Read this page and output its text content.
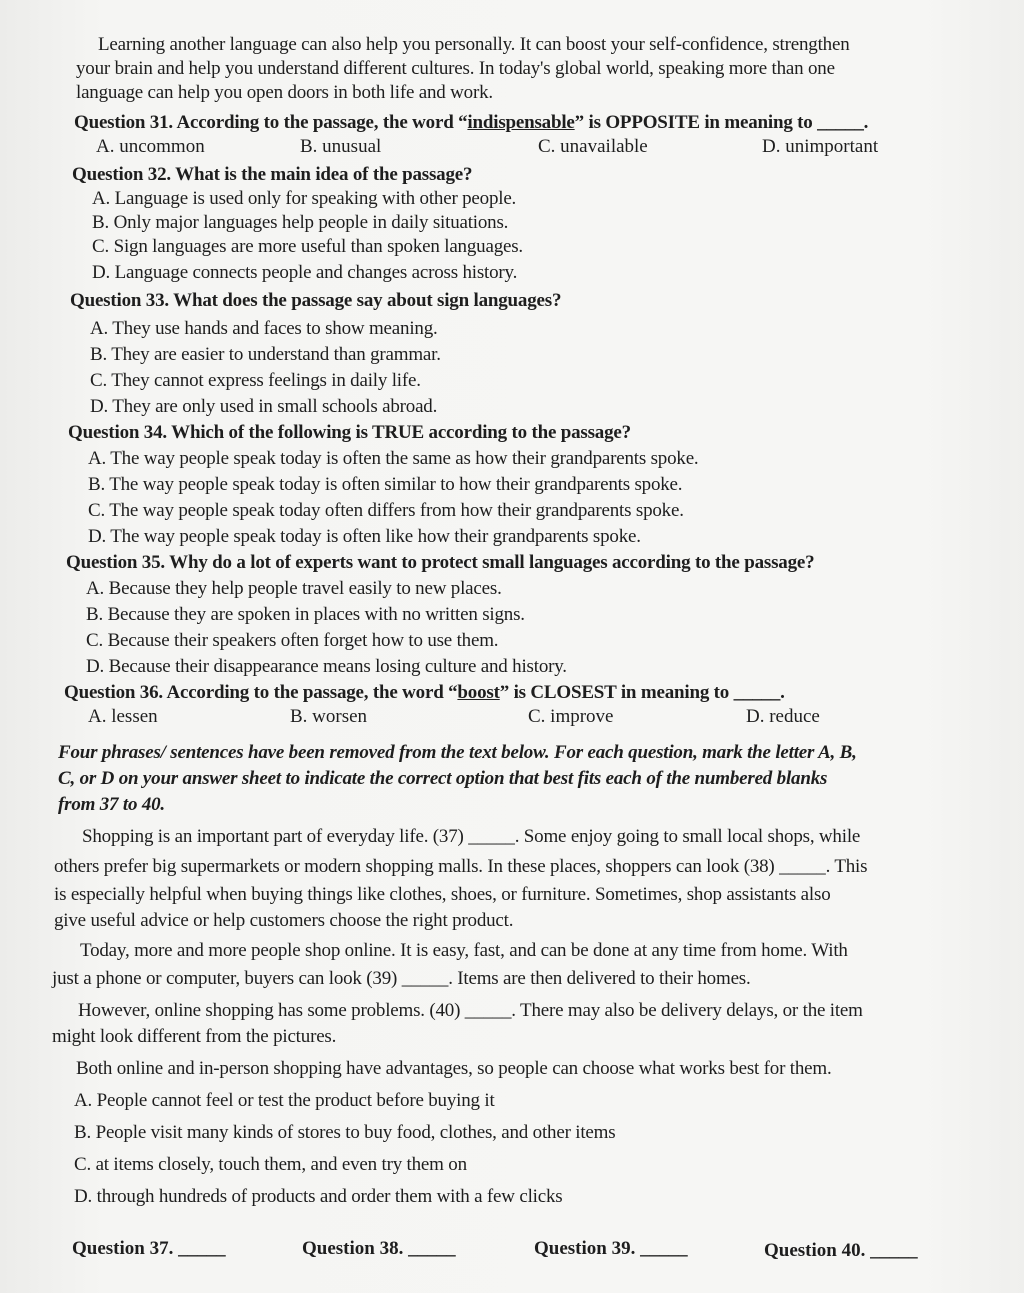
Learning another language can also help you personally. It can boost your self-confidence, strengthen
your brain and help you understand different cultures. In today's global world, speaking more than one
language can help you open doors in both life and work.
Question 31. According to the passage, the word “indispensable” is OPPOSITE in meaning to _____.
A. uncommon	B. unusual	C. unavailable	D. unimportant
Question 32. What is the main idea of the passage?
A. Language is used only for speaking with other people.
B. Only major languages help people in daily situations.
C. Sign languages are more useful than spoken languages.
D. Language connects people and changes across history.
Question 33. What does the passage say about sign languages?
A. They use hands and faces to show meaning.
B. They are easier to understand than grammar.
C. They cannot express feelings in daily life.
D. They are only used in small schools abroad.
Question 34. Which of the following is TRUE according to the passage?
A. The way people speak today is often the same as how their grandparents spoke.
B. The way people speak today is often similar to how their grandparents spoke.
C. The way people speak today often differs from how their grandparents spoke.
D. The way people speak today is often like how their grandparents spoke.
Question 35. Why do a lot of experts want to protect small languages according to the passage?
A. Because they help people travel easily to new places.
B. Because they are spoken in places with no written signs.
C. Because their speakers often forget how to use them.
D. Because their disappearance means losing culture and history.
Question 36. According to the passage, the word “boost” is CLOSEST in meaning to _____.
A. lessen	B. worsen	C. improve	D. reduce
Four phrases/ sentences have been removed from the text below. For each question, mark the letter A, B,
C, or D on your answer sheet to indicate the correct option that best fits each of the numbered blanks
from 37 to 40.
Shopping is an important part of everyday life. (37) _____. Some enjoy going to small local shops, while
others prefer big supermarkets or modern shopping malls. In these places, shoppers can look (38) _____. This
is especially helpful when buying things like clothes, shoes, or furniture. Sometimes, shop assistants also
give useful advice or help customers choose the right product.
Today, more and more people shop online. It is easy, fast, and can be done at any time from home. With
just a phone or computer, buyers can look (39) _____. Items are then delivered to their homes.
However, online shopping has some problems. (40) _____. There may also be delivery delays, or the item
might look different from the pictures.
Both online and in-person shopping have advantages, so people can choose what works best for them.
A. People cannot feel or test the product before buying it
B. People visit many kinds of stores to buy food, clothes, and other items
C. at items closely, touch them, and even try them on
D. through hundreds of products and order them with a few clicks
Question 37. _____	Question 38. _____	Question 39. _____	Question 40. _____
